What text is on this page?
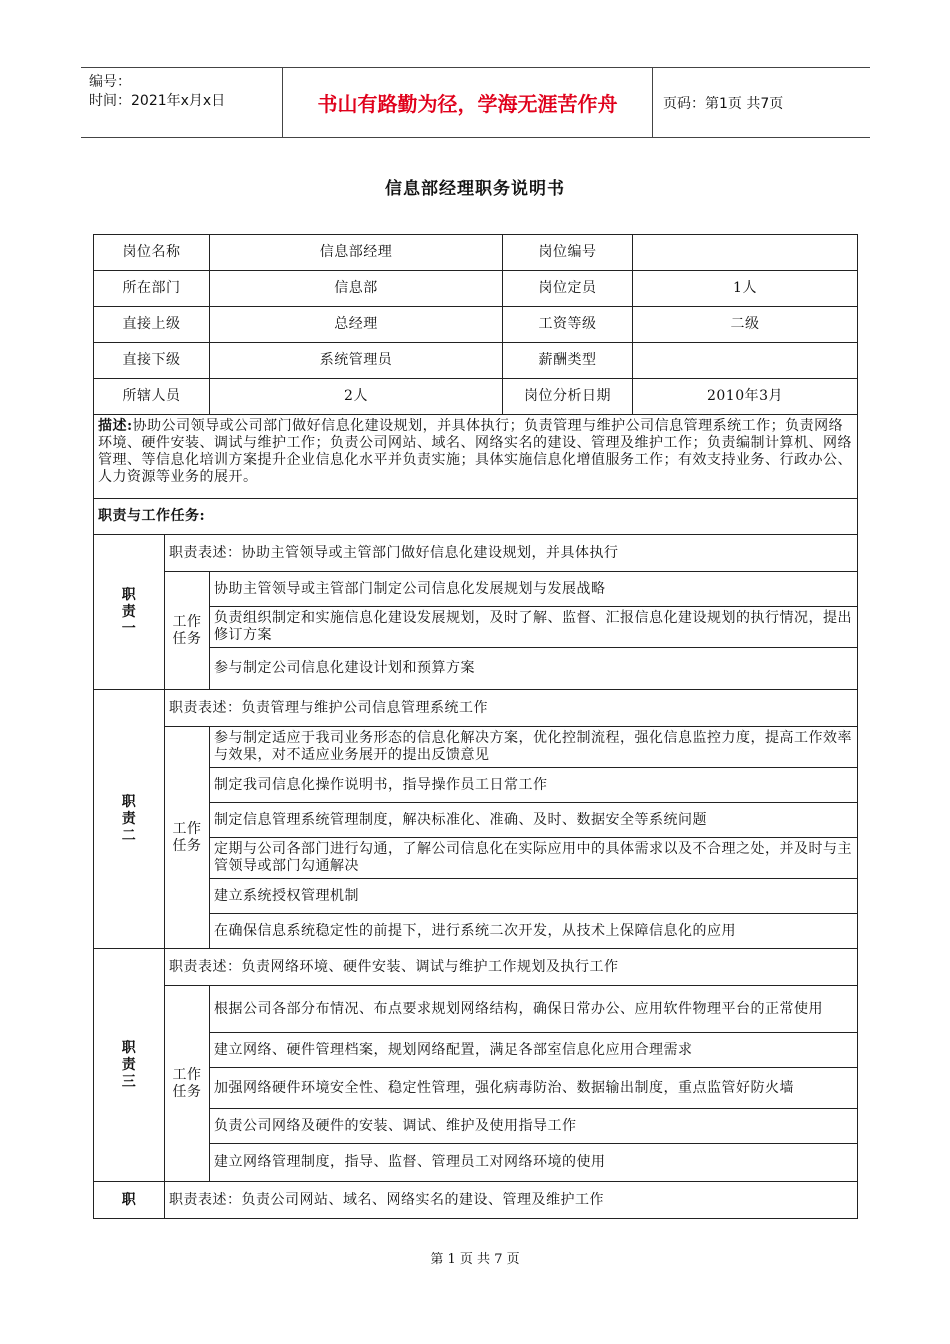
编号：
时间：2021年x月x日	书山有路勤为径，学海无涯苦作舟	页码：第1页 共7页
信息部经理职务说明书
岗位名称		信息部经理	岗位编号	
所在部门		信息部	岗位定员	1人
直接上级		总经理	工资等级	二级
直接下级		系统管理员	薪酬类型	
所辖人员		2人	岗位分析日期	2010年3月
描述:协助公司领导或公司部门做好信息化建设规划，并具体执行；负责管理与维护公司信息管理系统工作；负责网络环境、硬件安装、调试与维护工作；负责公司网站、域名、网络实名的建设、管理及维护工作；负责编制计算机、网络管理、等信息化培训方案提升企业信息化水平并负责实施；具体实施信息化增值服务工作；有效支持业务、行政办公、人力资源等业务的展开。				
职责与工作任务:				
职责一	职责表述：协助主管领导或主管部门做好信息化建设规划，并具体执行			
	工作任务	协助主管领导或主管部门制定公司信息化发展规划与发展战略		
		负责组织制定和实施信息化建设发展规划，及时了解、监督、汇报信息化建设规划的执行情况，提出修订方案		
		参与制定公司信息化建设计划和预算方案		
职责二	职责表述：负责管理与维护公司信息管理系统工作			
	工作任务	参与制定适应于我司业务形态的信息化解决方案，优化控制流程，强化信息监控力度，提高工作效率与效果，对不适应业务展开的提出反馈意见		
		制定我司信息化操作说明书，指导操作员工日常工作		
		制定信息管理系统管理制度，解决标准化、准确、及时、数据安全等系统问题		
		定期与公司各部门进行勾通，了解公司信息化在实际应用中的具体需求以及不合理之处，并及时与主管领导或部门勾通解决		
		建立系统授权管理机制		
		在确保信息系统稳定性的前提下，进行系统二次开发，从技术上保障信息化的应用		
职责三	职责表述：负责网络环境、硬件安装、调试与维护工作规划及执行工作			
	工作任务	根据公司各部分布情况、布点要求规划网络结构，确保日常办公、应用软件物理平台的正常使用		
		建立网络、硬件管理档案，规划网络配置，满足各部室信息化应用合理需求		
		加强网络硬件环境安全性、稳定性管理，强化病毒防治、数据输出制度，重点监管好防火墙		
		负责公司网络及硬件的安装、调试、维护及使用指导工作		
		建立网络管理制度，指导、监督、管理员工对网络环境的使用		
职	职责表述：负责公司网站、域名、网络实名的建设、管理及维护工作			
第 1 页 共 7 页
